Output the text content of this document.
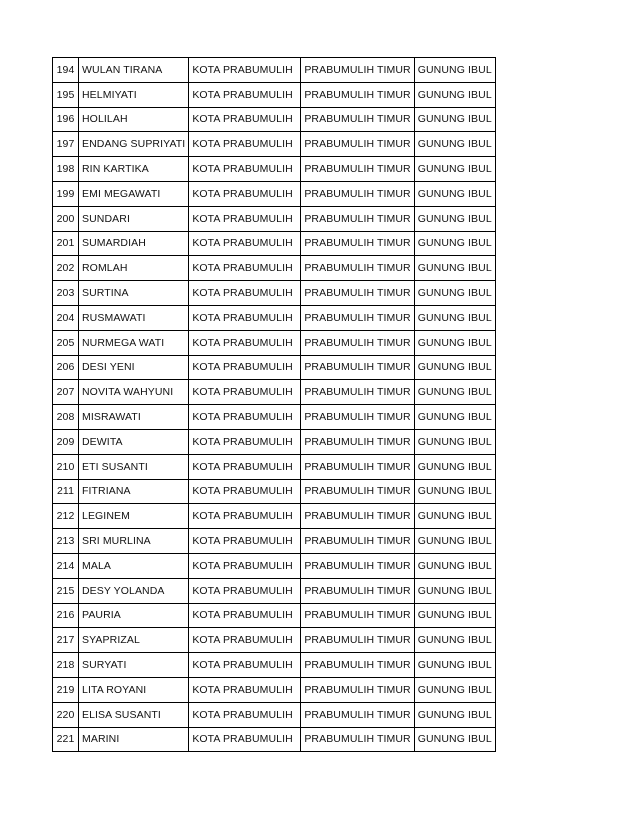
194	WULAN TIRANA	KOTA PRABUMULIH	PRABUMULIH TIMUR	GUNUNG IBUL
195	HELMIYATI	KOTA PRABUMULIH	PRABUMULIH TIMUR	GUNUNG IBUL
196	HOLILAH	KOTA PRABUMULIH	PRABUMULIH TIMUR	GUNUNG IBUL
197	ENDANG SUPRIYATI	KOTA PRABUMULIH	PRABUMULIH TIMUR	GUNUNG IBUL
198	RIN KARTIKA	KOTA PRABUMULIH	PRABUMULIH TIMUR	GUNUNG IBUL
199	EMI MEGAWATI	KOTA PRABUMULIH	PRABUMULIH TIMUR	GUNUNG IBUL
200	SUNDARI	KOTA PRABUMULIH	PRABUMULIH TIMUR	GUNUNG IBUL
201	SUMARDIAH	KOTA PRABUMULIH	PRABUMULIH TIMUR	GUNUNG IBUL
202	ROMLAH	KOTA PRABUMULIH	PRABUMULIH TIMUR	GUNUNG IBUL
203	SURTINA	KOTA PRABUMULIH	PRABUMULIH TIMUR	GUNUNG IBUL
204	RUSMAWATI	KOTA PRABUMULIH	PRABUMULIH TIMUR	GUNUNG IBUL
205	NURMEGA WATI	KOTA PRABUMULIH	PRABUMULIH TIMUR	GUNUNG IBUL
206	DESI YENI	KOTA PRABUMULIH	PRABUMULIH TIMUR	GUNUNG IBUL
207	NOVITA WAHYUNI	KOTA PRABUMULIH	PRABUMULIH TIMUR	GUNUNG IBUL
208	MISRAWATI	KOTA PRABUMULIH	PRABUMULIH TIMUR	GUNUNG IBUL
209	DEWITA	KOTA PRABUMULIH	PRABUMULIH TIMUR	GUNUNG IBUL
210	ETI SUSANTI	KOTA PRABUMULIH	PRABUMULIH TIMUR	GUNUNG IBUL
211	FITRIANA	KOTA PRABUMULIH	PRABUMULIH TIMUR	GUNUNG IBUL
212	LEGINEM	KOTA PRABUMULIH	PRABUMULIH TIMUR	GUNUNG IBUL
213	SRI MURLINA	KOTA PRABUMULIH	PRABUMULIH TIMUR	GUNUNG IBUL
214	MALA	KOTA PRABUMULIH	PRABUMULIH TIMUR	GUNUNG IBUL
215	DESY YOLANDA	KOTA PRABUMULIH	PRABUMULIH TIMUR	GUNUNG IBUL
216	PAURIA	KOTA PRABUMULIH	PRABUMULIH TIMUR	GUNUNG IBUL
217	SYAPRIZAL	KOTA PRABUMULIH	PRABUMULIH TIMUR	GUNUNG IBUL
218	SURYATI	KOTA PRABUMULIH	PRABUMULIH TIMUR	GUNUNG IBUL
219	LITA ROYANI	KOTA PRABUMULIH	PRABUMULIH TIMUR	GUNUNG IBUL
220	ELISA SUSANTI	KOTA PRABUMULIH	PRABUMULIH TIMUR	GUNUNG IBUL
221	MARINI	KOTA PRABUMULIH	PRABUMULIH TIMUR	GUNUNG IBUL
